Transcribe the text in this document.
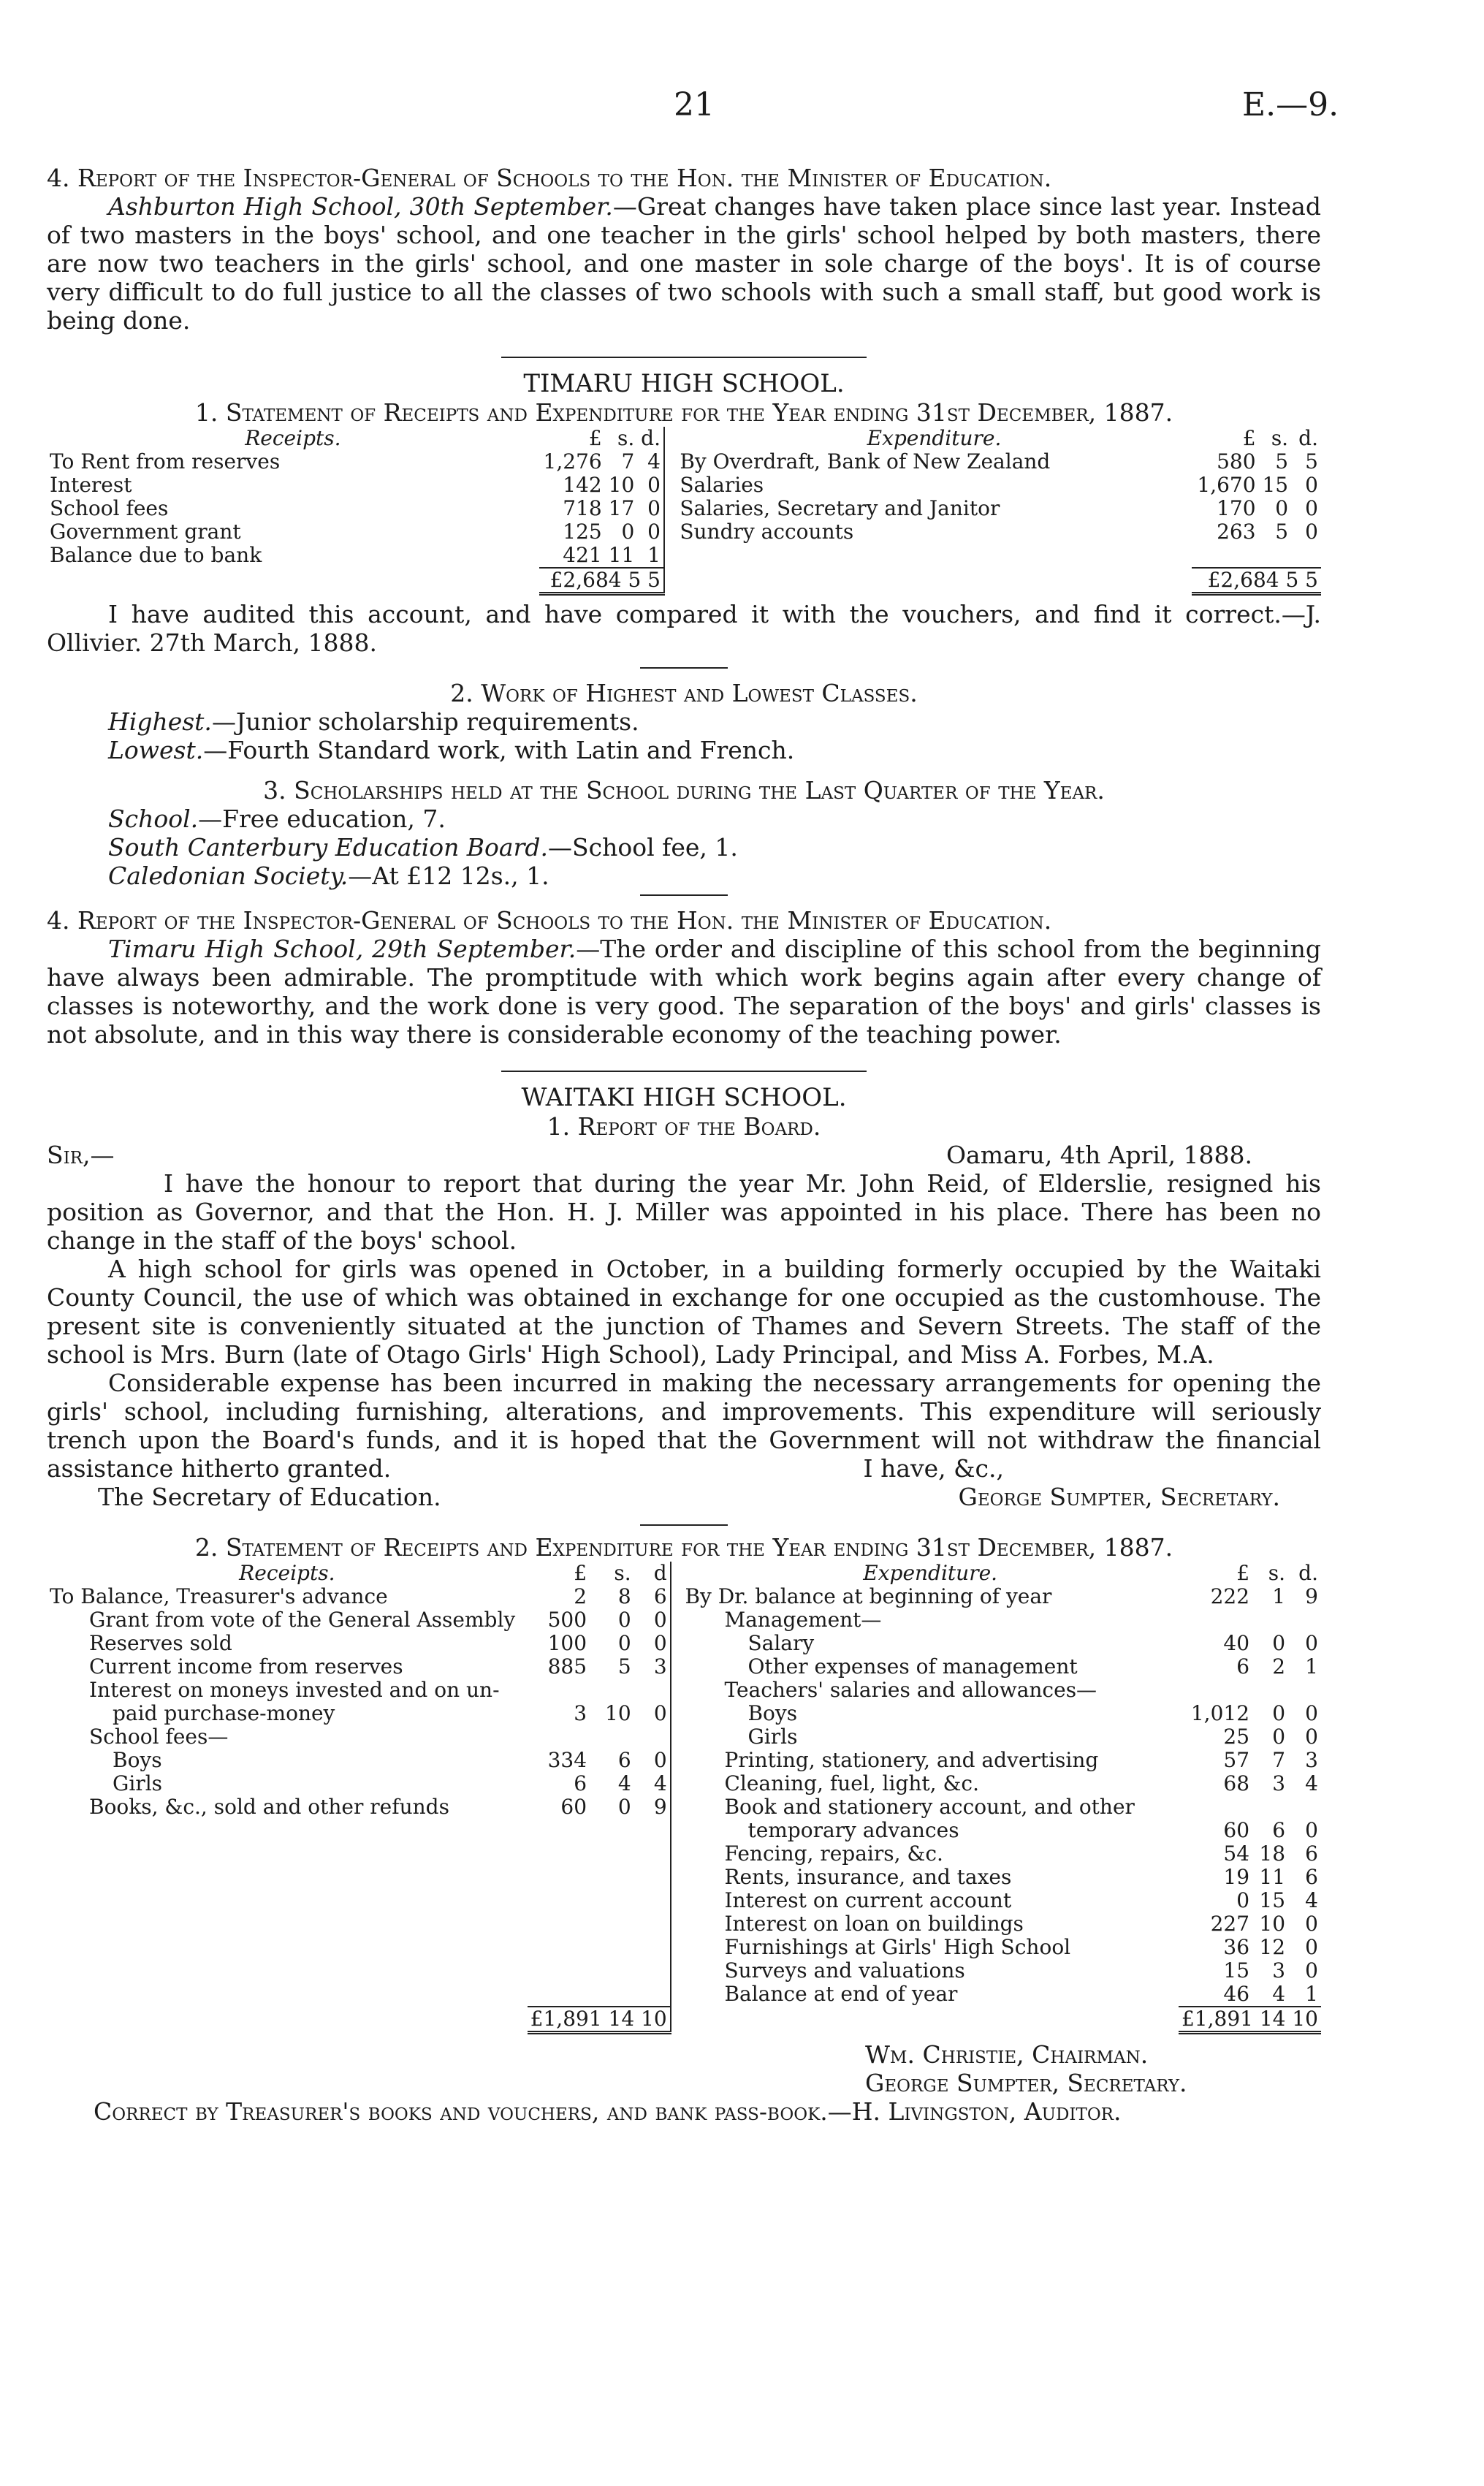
21	E.—9.

4. Report of the Inspector-General of Schools to the Hon. the Minister of Education.

Ashburton High School, 30th September.—Great changes have taken place since last year. Instead of two masters in the boys' school, and one teacher in the girls' school helped by both masters, there are now two teachers in the girls' school, and one master in sole charge of the boys'. It is of course very difficult to do full justice to all the classes of two schools with such a small staff, but good work is being done.

TIMARU HIGH SCHOOL.

1. Statement of Receipts and Expenditure for the Year ending 31st December, 1887.

Receipts.	£	s.	d.		Expenditure.	£	s.	d.
To Rent from reserves	1,276	7	4		By Overdraft, Bank of New Zealand	580	5	5
Interest	142	10	0		Salaries	1,670	15	0
School fees	718	17	0		Salaries, Secretary and Janitor	170	0	0
Government grant	125	0	0		Sundry accounts	263	5	0
Balance due to bank	421	11	1					
	£2,684 5 5					£2,684 5 5		

I have audited this account, and have compared it with the vouchers, and find it correct.—J. Ollivier. 27th March, 1888.

2. Work of Highest and Lowest Classes.

Highest.—Junior scholarship requirements.

Lowest.—Fourth Standard work, with Latin and French.

3. Scholarships held at the School during the Last Quarter of the Year.

School.—Free education, 7.

South Canterbury Education Board.—School fee, 1.

Caledonian Society.—At £12 12s., 1.

4. Report of the Inspector-General of Schools to the Hon. the Minister of Education.

Timaru High School, 29th September.—The order and discipline of this school from the beginning have always been admirable. The promptitude with which work begins again after every change of classes is noteworthy, and the work done is very good. The separation of the boys' and girls' classes is not absolute, and in this way there is considerable economy of the teaching power.

WAITAKI HIGH SCHOOL.

1. Report of the Board.

Sir,—	Oamaru, 4th April, 1888.

I have the honour to report that during the year Mr. John Reid, of Elderslie, resigned his position as Governor, and that the Hon. H. J. Miller was appointed in his place. There has been no change in the staff of the boys' school.

A high school for girls was opened in October, in a building formerly occupied by the Waitaki County Council, the use of which was obtained in exchange for one occupied as the customhouse. The present site is conveniently situated at the junction of Thames and Severn Streets. The staff of the school is Mrs. Burn (late of Otago Girls' High School), Lady Principal, and Miss A. Forbes, M.A.

Considerable expense has been incurred in making the necessary arrangements for opening the girls' school, including furnishing, alterations, and improvements. This expenditure will seriously trench upon the Board's funds, and it is hoped that the Government will not withdraw the financial assistance hitherto granted.	I have, &c.,
The Secretary of Education.	George Sumpter, Secretary.

2. Statement of Receipts and Expenditure for the Year ending 31st December, 1887.

Receipts.	£	s.	d		Expenditure.	£	s.	d.
To Balance, Treasurer's advance	2	8	6		By Dr. balance at beginning of year	222	1	9
Grant from vote of the General Assembly	500	0	0		Management—			
Reserves sold	100	0	0		Salary	40	0	0
Current income from reserves	885	5	3		Other expenses of management	6	2	1
Interest on moneys invested and on un-					Teachers' salaries and allowances—			
paid purchase-money	3	10	0		Boys	1,012	0	0
School fees—					Girls	25	0	0
Boys	334	6	0		Printing, stationery, and advertising	57	7	3
Girls	6	4	4		Cleaning, fuel, light, &c.	68	3	4
Books, &c., sold and other refunds	60	0	9		Book and stationery account, and other			
					temporary advances	60	6	0
					Fencing, repairs, &c.	54	18	6
					Rents, insurance, and taxes	19	11	6
					Interest on current account	0	15	4
					Interest on loan on buildings	227	10	0
					Furnishings at Girls' High School	36	12	0
					Surveys and valuations	15	3	0
					Balance at end of year	46	4	1
	£1,891 14 10					£1,891 14 10		
Wm. Christie, Chairman.
George Sumpter, Secretary.

Correct by Treasurer's books and vouchers, and bank pass-book.—H. Livingston, Auditor.
